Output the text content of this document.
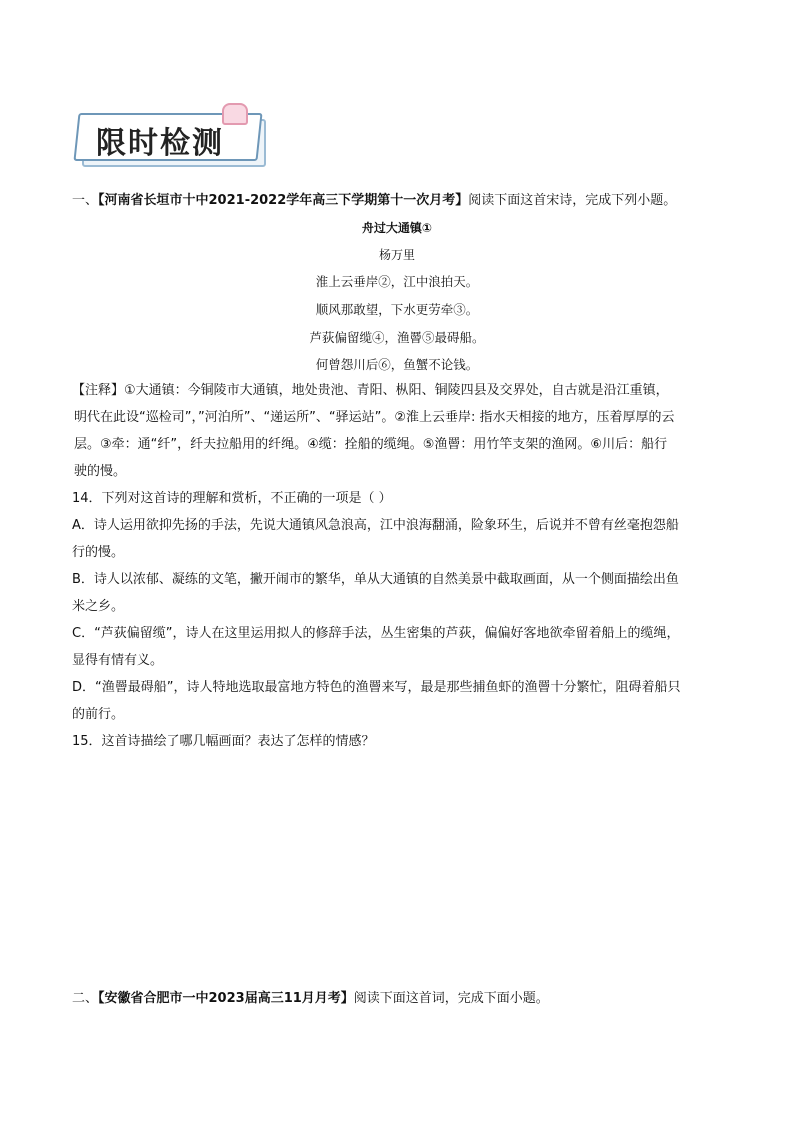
限时检测
一、【河南省长垣市十中2021-2022学年高三下学期第十一次月考】阅读下面这首宋诗，完成下列小题。
舟过大通镇①
杨万里
淮上云垂岸②，江中浪拍天。
顺风那敢望，下水更劳牵③。
芦荻偏留缆④，渔罾⑤最碍船。
何曾怨川后⑥，鱼蟹不论钱。
【注释】①大通镇：今铜陵市大通镇，地处贵池、青阳、枞阳、铜陵四县及交界处，自古就是沿江重镇，
明代在此设“巡检司”，”河泊所”、“递运所”、“驿运站”。②淮上云垂岸: 指水天相接的地方，压着厚厚的云
层。③牵：通“纤”，纤夫拉船用的纤绳。④缆：拴船的缆绳。⑤渔罾：用竹竿支架的渔网。⑥川后：船行
驶的慢。
14．下列对这首诗的理解和赏析，不正确的一项是（ ）
A．诗人运用欲抑先扬的手法，先说大通镇风急浪高，江中浪海翻涌，险象环生，后说并不曾有丝毫抱怨船
行的慢。
B．诗人以浓郁、凝练的文笔，撇开闹市的繁华，单从大通镇的自然美景中截取画面，从一个侧面描绘出鱼
米之乡。
C．“芦荻偏留缆”，诗人在这里运用拟人的修辞手法，丛生密集的芦荻，偏偏好客地欲牵留着船上的缆绳，
显得有情有义。
D．“渔罾最碍船”，诗人特地选取最富地方特色的渔罾来写，最是那些捕鱼虾的渔罾十分繁忙，阻碍着船只
的前行。
15．这首诗描绘了哪几幅画面？表达了怎样的情感？
二、【安徽省合肥市一中2023届高三11月月考】阅读下面这首词，完成下面小题。
